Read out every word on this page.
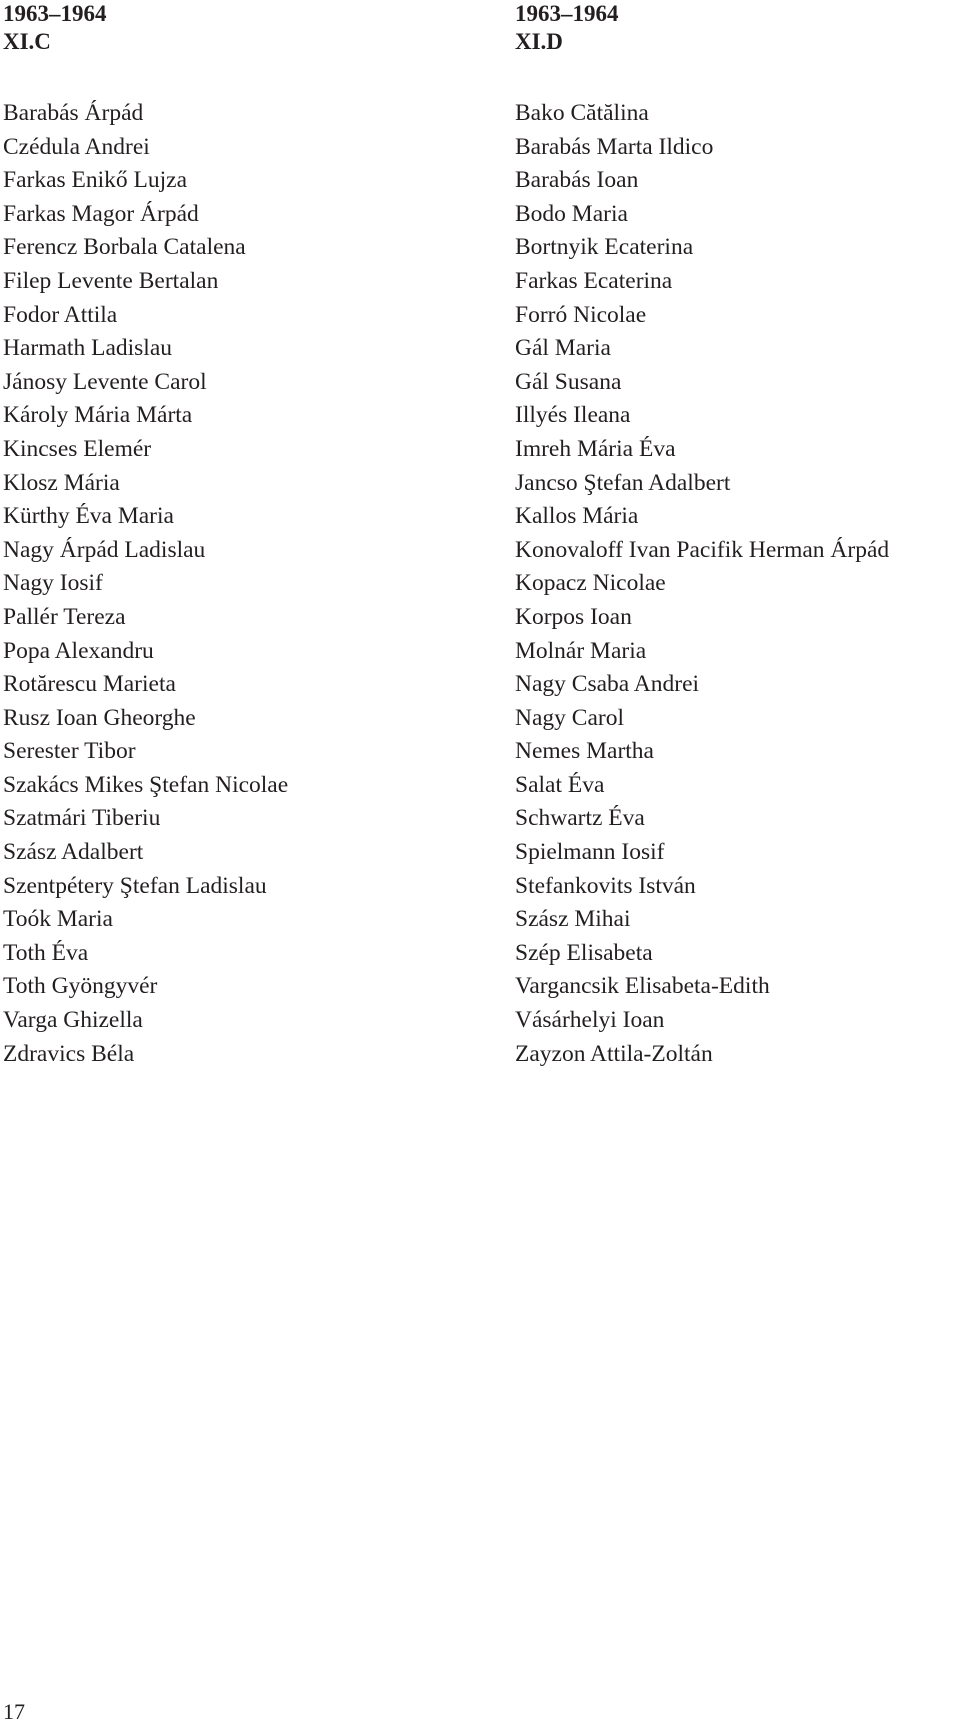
1963–1964
XI.C
Barabás Árpád
Czédula Andrei
Farkas Enikő Lujza
Farkas Magor Árpád
Ferencz Borbala Catalena
Filep Levente Bertalan
Fodor Attila
Harmath Ladislau
Jánosy Levente Carol
Károly Mária Márta
Kincses Elemér
Klosz Mária
Kürthy Éva Maria
Nagy Árpád Ladislau
Nagy Iosif
Pallér Tereza
Popa Alexandru
Rotărescu Marieta
Rusz Ioan Gheorghe
Serester Tibor
Szakács Mikes Ştefan Nicolae
Szatmári Tiberiu
Szász Adalbert
Szentpétery Ştefan Ladislau
Toók Maria
Toth Éva
Toth Gyöngyvér
Varga Ghizella
Zdravics Béla
1963–1964
XI.D
Bako Cătălina
Barabás Marta Ildico
Barabás Ioan
Bodo Maria
Bortnyik Ecaterina
Farkas Ecaterina
Forró Nicolae
Gál Maria
Gál Susana
Illyés Ileana
Imreh Mária Éva
Jancso Ştefan Adalbert
Kallos Mária
Konovaloff Ivan Pacifik Herman Árpád
Kopacz Nicolae
Korpos Ioan
Molnár Maria
Nagy Csaba Andrei
Nagy Carol
Nemes Martha
Salat Éva
Schwartz Éva
Spielmann Iosif
Stefankovits István
Szász Mihai
Szép Elisabeta
Vargancsik Elisabeta-Edith
Vásárhelyi Ioan
Zayzon Attila-Zoltán
17
